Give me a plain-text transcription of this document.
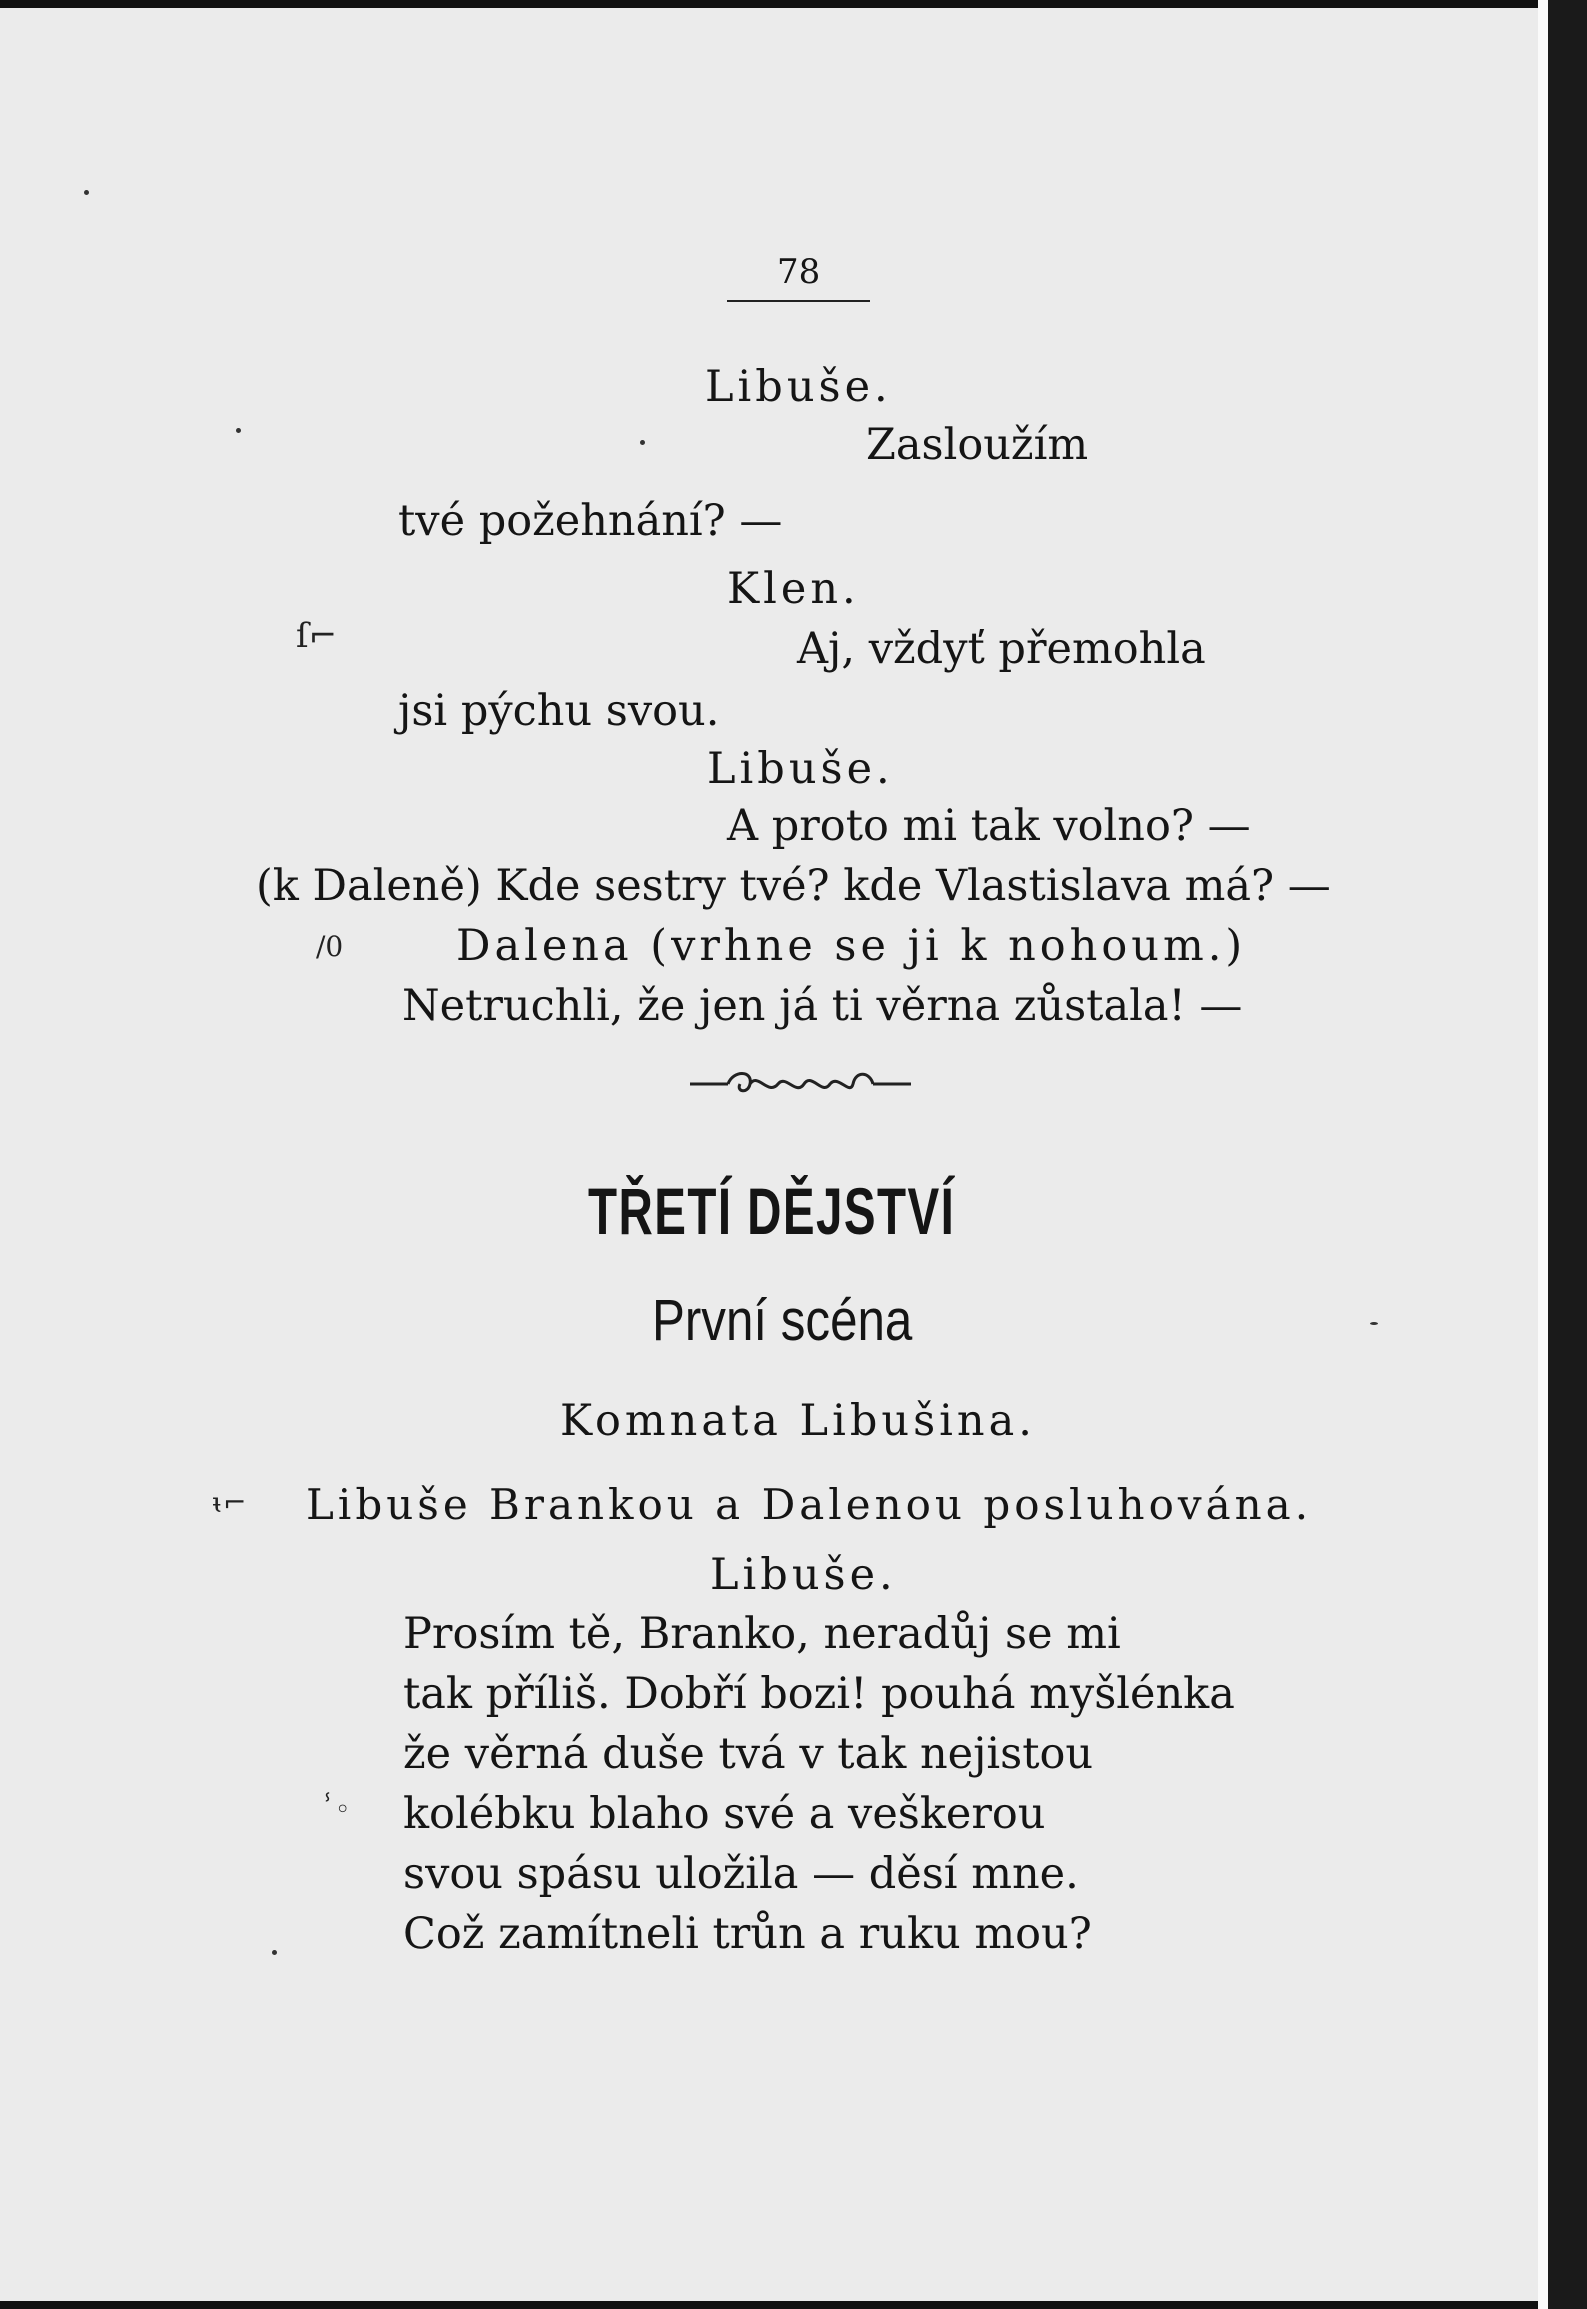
78
Libuše.
Zasloužím
tvé požehnání? —
Klen.
Aj, vždyť přemohla
jsi pýchu svou.
Libuše.
A proto mi tak volno? —
(k Daleně) Kde sestry tvé? kde Vlastislava má? —
Dalena (vrhne se ji k nohoum.)
Netruchli, že jen já ti věrna zůstala! —
TŘETÍ DĚJSTVÍ
První scéna
Komnata Libušina.
Libuše Brankou a Dalenou posluhována.
Libuše.
Prosím tě, Branko, neradůj se mi
tak příliš. Dobří bozi! pouhá myšlénka
že věrná duše tvá v tak nejistou
kolébku blaho své a veškerou
svou spásu uložila — děsí mne.
Což zamítneli trůn a ruku mou?
ſ⌐
/0
ᵼ⌐
ⸯ◦
